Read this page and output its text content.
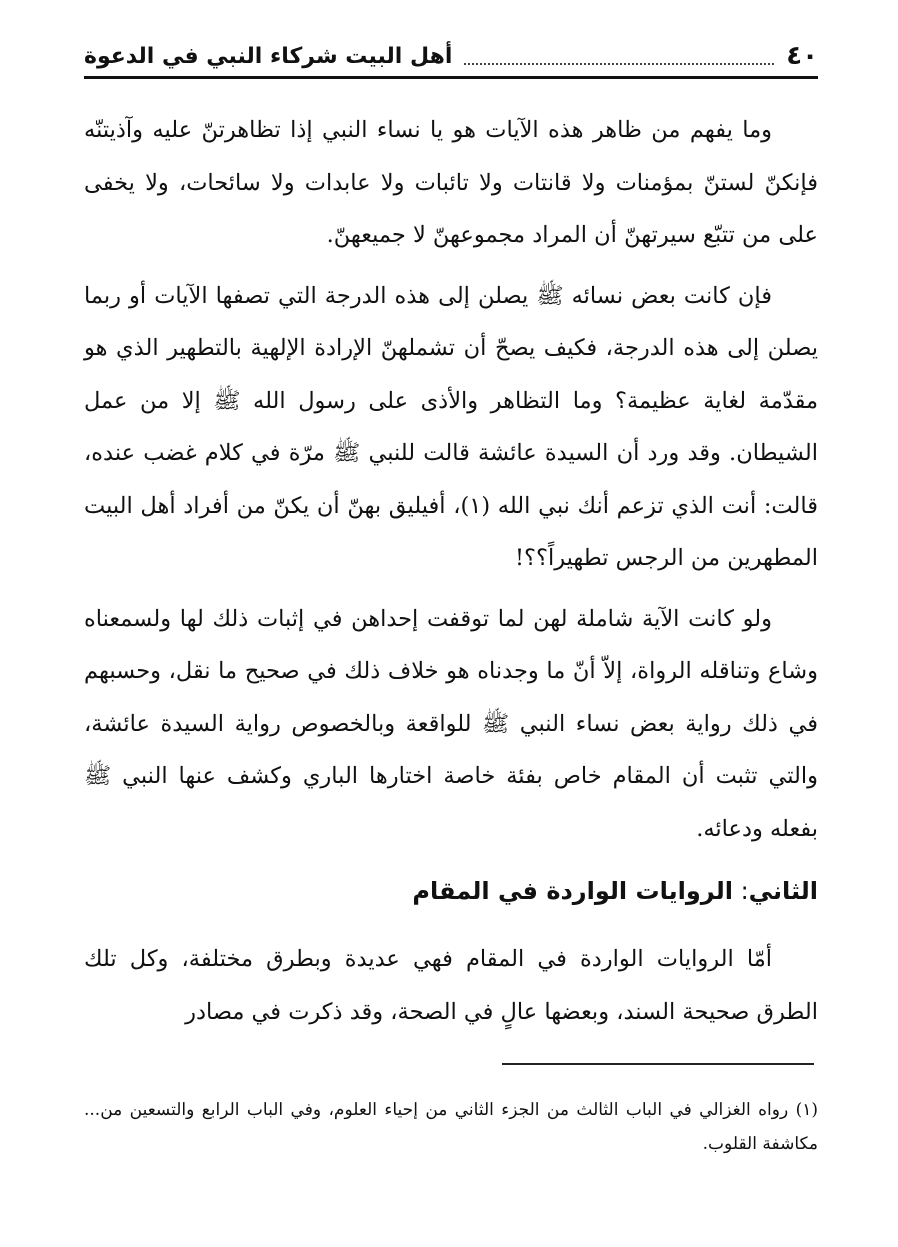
٤٠
أهل البيت شركاء النبي في الدعوة

وما يفهم من ظاهر هذه الآيات هو يا نساء النبي إذا تظاهرتنّ عليه وآذيتنّه فإنكنّ لستنّ بمؤمنات ولا قانتات ولا تائبات ولا عابدات ولا سائحات، ولا يخفى على من تتبّع سيرتهنّ أن المراد مجموعهنّ لا جميعهنّ.

فإن كانت بعض نسائه ﷺ يصلن إلى هذه الدرجة التي تصفها الآيات أو ربما يصلن إلى هذه الدرجة، فكيف يصحّ أن تشملهنّ الإرادة الإلهية بالتطهير الذي هو مقدّمة لغاية عظيمة؟ وما التظاهر والأذى على رسول الله ﷺ إلا من عمل الشيطان. وقد ورد أن السيدة عائشة قالت للنبي ﷺ مرّة في كلام غضب عنده، قالت: أنت الذي تزعم أنك نبي الله (١)، أفيليق بهنّ أن يكنّ من أفراد أهل البيت المطهرين من الرجس تطهيراً؟؟!

ولو كانت الآية شاملة لهن لما توقفت إحداهن في إثبات ذلك لها ولسمعناه وشاع وتناقله الرواة، إلاّ أنّ ما وجدناه هو خلاف ذلك في صحيح ما نقل، وحسبهم في ذلك رواية بعض نساء النبي ﷺ للواقعة وبالخصوص رواية السيدة عائشة، والتي تثبت أن المقام خاص بفئة خاصة اختارها الباري وكشف عنها النبي ﷺ بفعله ودعائه.

الثاني: الروايات الواردة في المقام

أمّا الروايات الواردة في المقام فهي عديدة وبطرق مختلفة، وكل تلك الطرق صحيحة السند، وبعضها عالٍ في الصحة، وقد ذكرت في مصادر

(١) رواه الغزالي في الباب الثالث من الجزء الثاني من إحياء العلوم، وفي الباب الرابع والتسعين من... مكاشفة القلوب.
